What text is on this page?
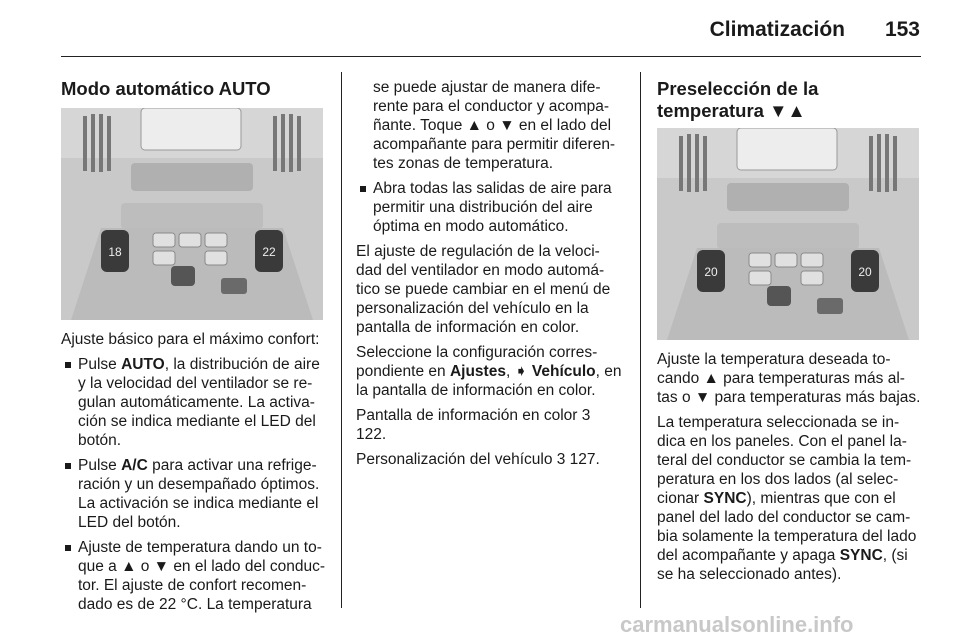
Climatización	153

Modo automático AUTO

18	22

Ajuste básico para el máximo confort:

Pulse AUTO, la distribución de aire y la velocidad del ventilador se re-gulan automáticamente. La activa-ción se indica mediante el LED del botón.
Pulse A/C para activar una refrige-ración y un desempañado óptimos. La activación se indica mediante el LED del botón.
Ajuste de temperatura dando un to-que a ▲ o ▼ en el lado del conduc-tor. El ajuste de confort recomen-dado es de 22 °C. La temperatura

se puede ajustar de manera dife-rente para el conductor y acompa-ñante. Toque ▲ o ▼ en el lado del acompañante para permitir diferen-tes zonas de temperatura.

Abra todas las salidas de aire para permitir una distribución del aire óptima en modo automático.

El ajuste de regulación de la veloci-dad del ventilador en modo automá-tico se puede cambiar en el menú de personalización del vehículo en la pantalla de información en color.

Seleccione la configuración corres-pondiente en Ajustes, ➧ Vehículo, en la pantalla de información en color.

Pantalla de información en color 3 122.

Personalización del vehículo 3 127.

Preselección de la temperatura ▼▲

20	20

Ajuste la temperatura deseada to-cando ▲ para temperaturas más al-tas o ▼ para temperaturas más bajas.

La temperatura seleccionada se in-dica en los paneles. Con el panel la-teral del conductor se cambia la tem-peratura en los dos lados (al selec-cionar SYNC), mientras que con el panel del lado del conductor se cam-bia solamente la temperatura del lado del acompañante y apaga SYNC, (si se ha seleccionado antes).

carmanualsonline.info
